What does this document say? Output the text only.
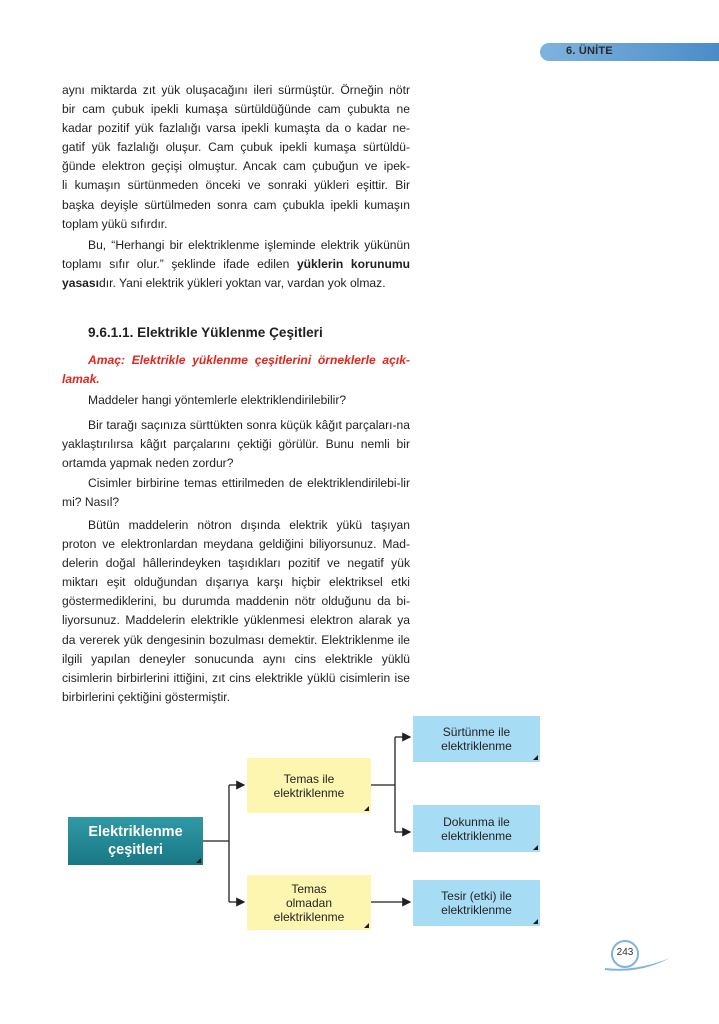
6. ÜNİTE
aynı miktarda zıt yük oluşacağını ileri sürmüştür. Örneğin nötr
bir cam çubuk ipekli kumaşa sürtüldüğünde cam çubukta ne
kadar pozitif yük fazlalığı varsa ipekli kumaşta da o kadar ne-
gatif yük fazlalığı oluşur. Cam çubuk ipekli kumaşa sürtüldü-
ğünde elektron geçişi olmuştur. Ancak cam çubuğun ve ipek-
li kumaşın sürtünmeden önceki ve sonraki yükleri eşittir. Bir
başka deyişle sürtülmeden sonra cam çubukla ipekli kumaşın
toplam yükü sıfırdır.

Bu, “Herhangi bir elektriklenme işleminde elektrik yükünün toplamı sıfır olur.” şeklinde ifade edilen yüklerin korunumu yasasıdır. Yani elektrik yükleri yoktan var, vardan yok olmaz.

9.6.1.1. Elektrikle Yüklenme Çeşitleri

Amaç: Elektrikle yüklenme çeşitlerini örneklerle açık-lamak.

Maddeler hangi yöntemlerle elektriklendirilebilir?

Bir tarağı saçınıza sürttükten sonra küçük kâğıt parçaları-na yaklaştırılırsa kâğıt parçalarını çektiği görülür. Bunu nemli bir ortamda yapmak neden zordur?

Cisimler birbirine temas ettirilmeden de elektriklendirilebi-lir mi? Nasıl?

Bütün maddelerin nötron dışında elektrik yükü taşıyan proton ve elektronlardan meydana geldiğini biliyorsunuz. Mad-delerin doğal hâllerindeyken taşıdıkları pozitif ve negatif yük miktarı eşit olduğundan dışarıya karşı hiçbir elektriksel etki göstermediklerini, bu durumda maddenin nötr olduğunu da bi-liyorsunuz. Maddelerin elektrikle yüklenmesi elektron alarak ya da vererek yük dengesinin bozulması demektir. Elektriklenme ile ilgili yapılan deneyler sonucunda aynı cins elektrikle yüklü cisimlerin birbirlerini ittiğini, zıt cins elektrikle yüklü cisimlerin ise birbirlerini çektiğini göstermiştir.

Elektriklenme
çeşitleri
Temas ile
elektriklenme
Temas
olmadan
elektriklenme
Sürtünme ile
elektriklenme
Dokunma ile
elektriklenme
Tesir (etki) ile
elektriklenme
243
